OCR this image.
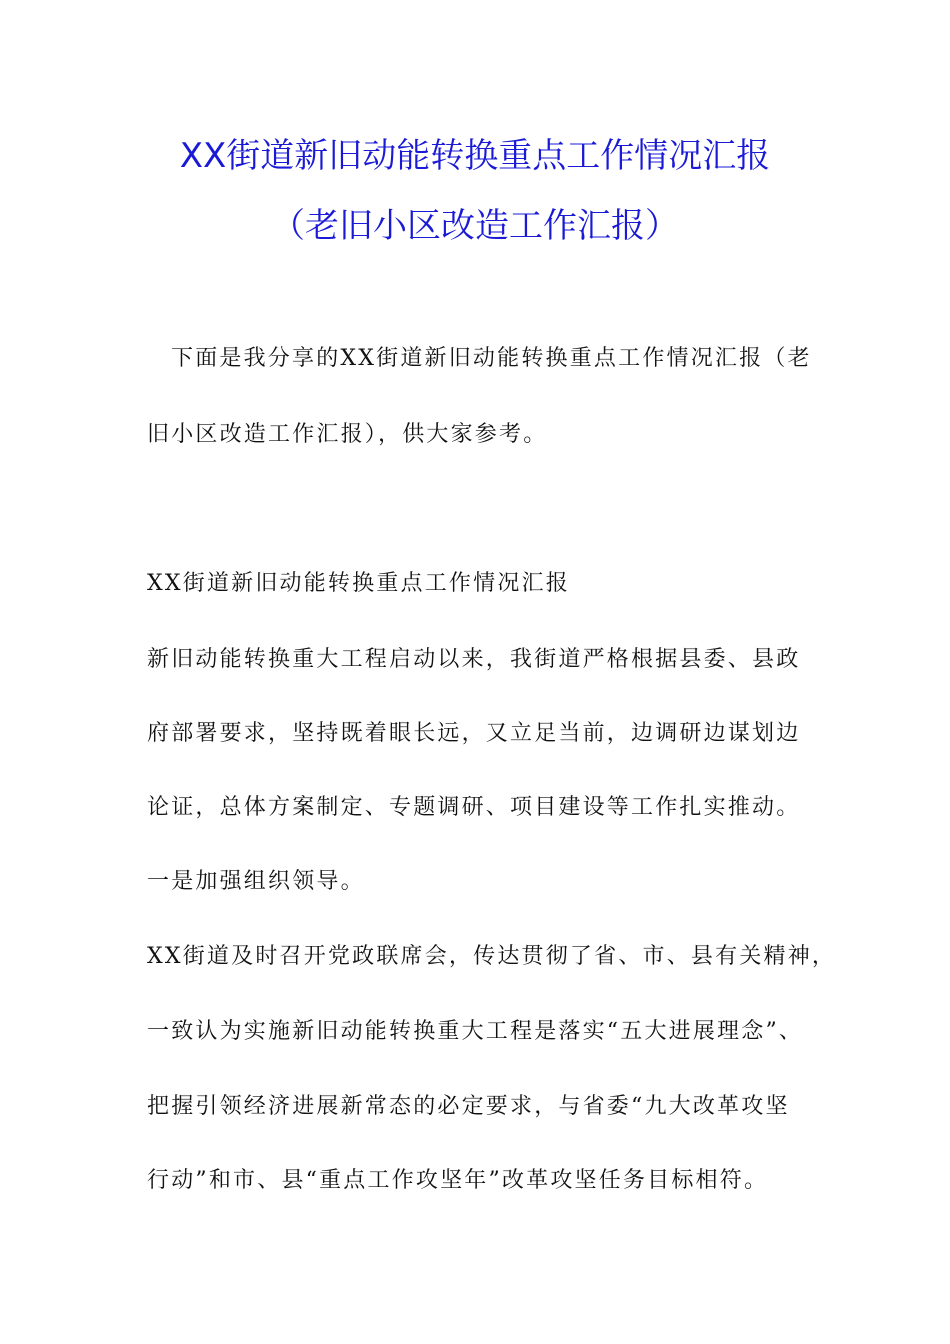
XX街道新旧动能转换重点工作情况汇报
（老旧小区改造工作汇报）

下面是我分享的XX街道新旧动能转换重点工作情况汇报（老

旧小区改造工作汇报），供大家参考。

XX街道新旧动能转换重点工作情况汇报

新旧动能转换重大工程启动以来，我街道严格根据县委、县政

府部署要求，坚持既着眼长远，又立足当前，边调研边谋划边

论证，总体方案制定、专题调研、项目建设等工作扎实推动。

一是加强组织领导。

XX街道及时召开党政联席会，传达贯彻了省、市、县有关精神，

一致认为实施新旧动能转换重大工程是落实“五大进展理念”、

把握引领经济进展新常态的必定要求，与省委“九大改革攻坚

行动”和市、县“重点工作攻坚年”改革攻坚任务目标相符。
